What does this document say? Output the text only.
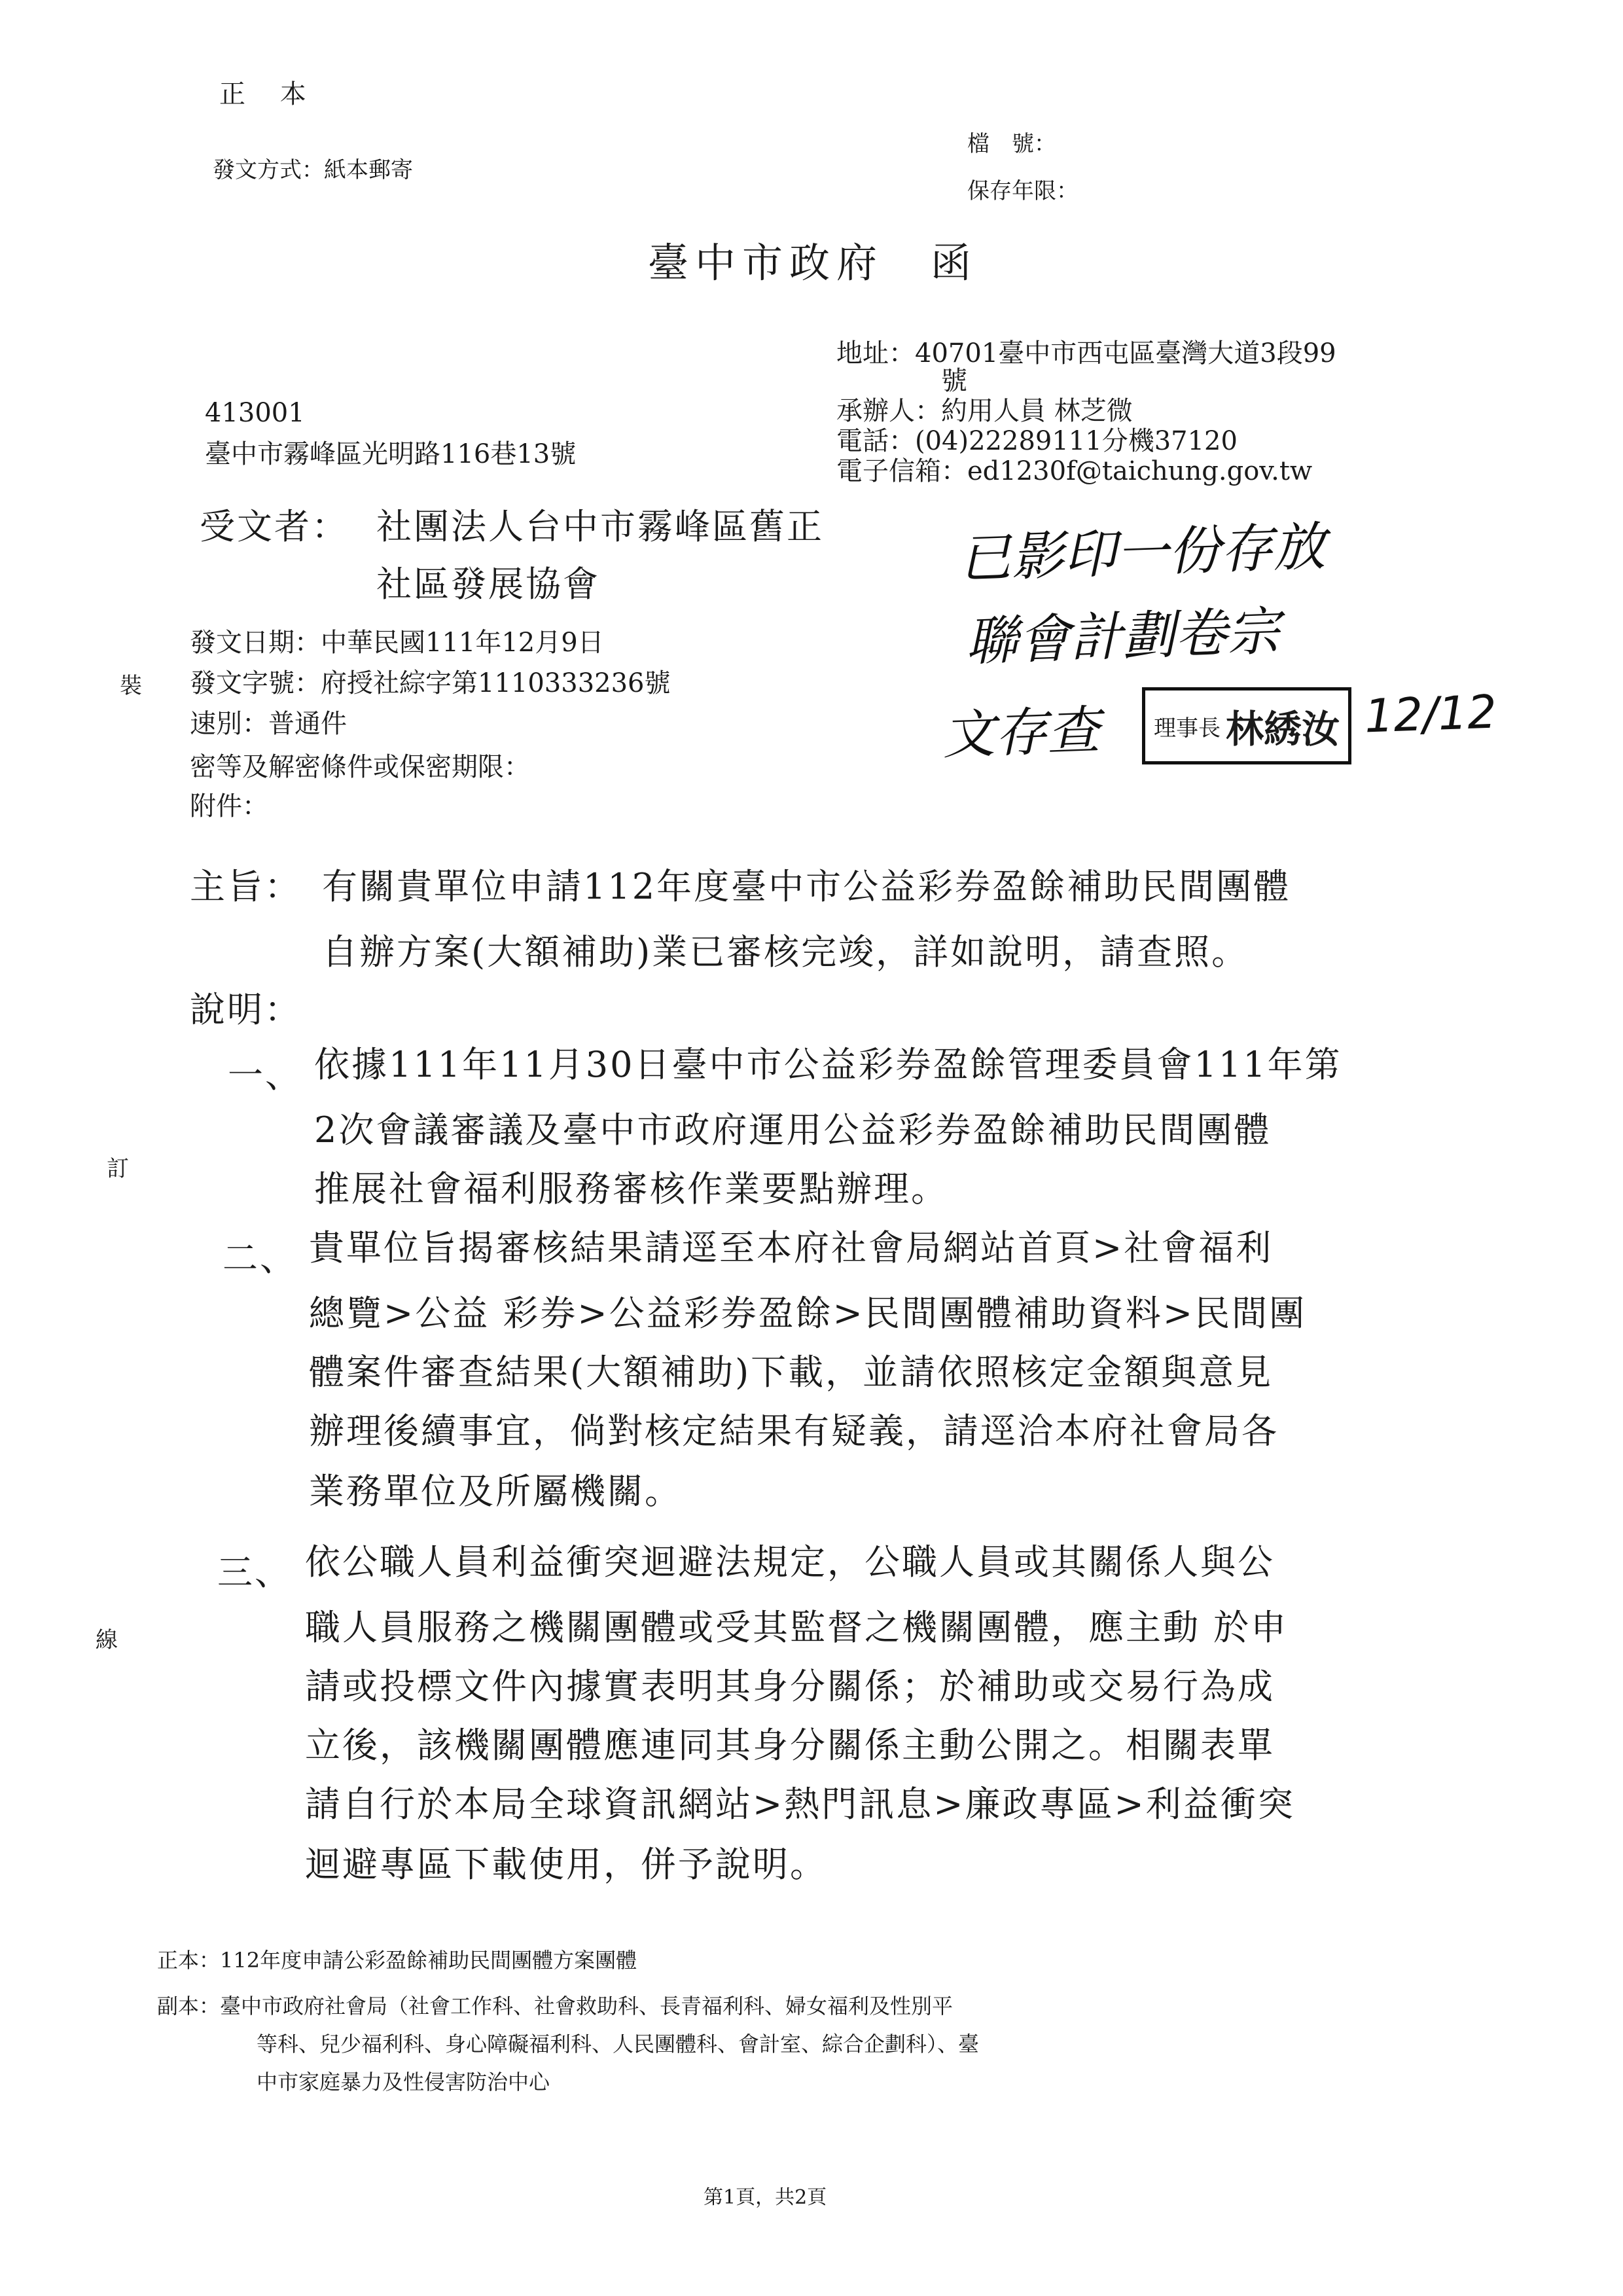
正 本
發文方式：紙本郵寄
檔　號：
保存年限：
臺中市政府　函
地址：40701臺中市西屯區臺灣大道3段99
號
承辦人：約用人員 林芝微
電話：(04)22289111分機37120
電子信箱：ed1230f@taichung.gov.tw
413001
臺中市霧峰區光明路116巷13號
受文者： 社團法人台中市霧峰區舊正
社區發展協會
發文日期：中華民國111年12月9日
發文字號：府授社綜字第1110333236號
速別：普通件
密等及解密條件或保密期限：
附件：
裝
訂
線
已影印一份存放
聯會計劃卷宗
文存查	12/12
理事長 林綉汝
主旨： 有關貴單位申請112年度臺中市公益彩券盈餘補助民間團體
自辦方案(大額補助)業已審核完竣，詳如說明，請查照。
說明：
一、 依據111年11月30日臺中市公益彩券盈餘管理委員會111年第
2次會議審議及臺中市政府運用公益彩券盈餘補助民間團體
推展社會福利服務審核作業要點辦理。
二、 貴單位旨揭審核結果請逕至本府社會局網站首頁>社會福利
總覽>公益 彩券>公益彩券盈餘>民間團體補助資料>民間團
體案件審查結果(大額補助)下載，並請依照核定金額與意見
辦理後續事宜，倘對核定結果有疑義，請逕洽本府社會局各
業務單位及所屬機關。
三、 依公職人員利益衝突迴避法規定，公職人員或其關係人與公
職人員服務之機關團體或受其監督之機關團體，應主動 於申
請或投標文件內據實表明其身分關係；於補助或交易行為成
立後，該機關團體應連同其身分關係主動公開之。相關表單
請自行於本局全球資訊網站>熱門訊息>廉政專區>利益衝突
迴避專區下載使用，併予說明。
正本：112年度申請公彩盈餘補助民間團體方案團體
副本：臺中市政府社會局（社會工作科、社會救助科、長青福利科、婦女福利及性別平
等科、兒少福利科、身心障礙福利科、人民團體科、會計室、綜合企劃科）、臺
中市家庭暴力及性侵害防治中心
第1頁，共2頁
